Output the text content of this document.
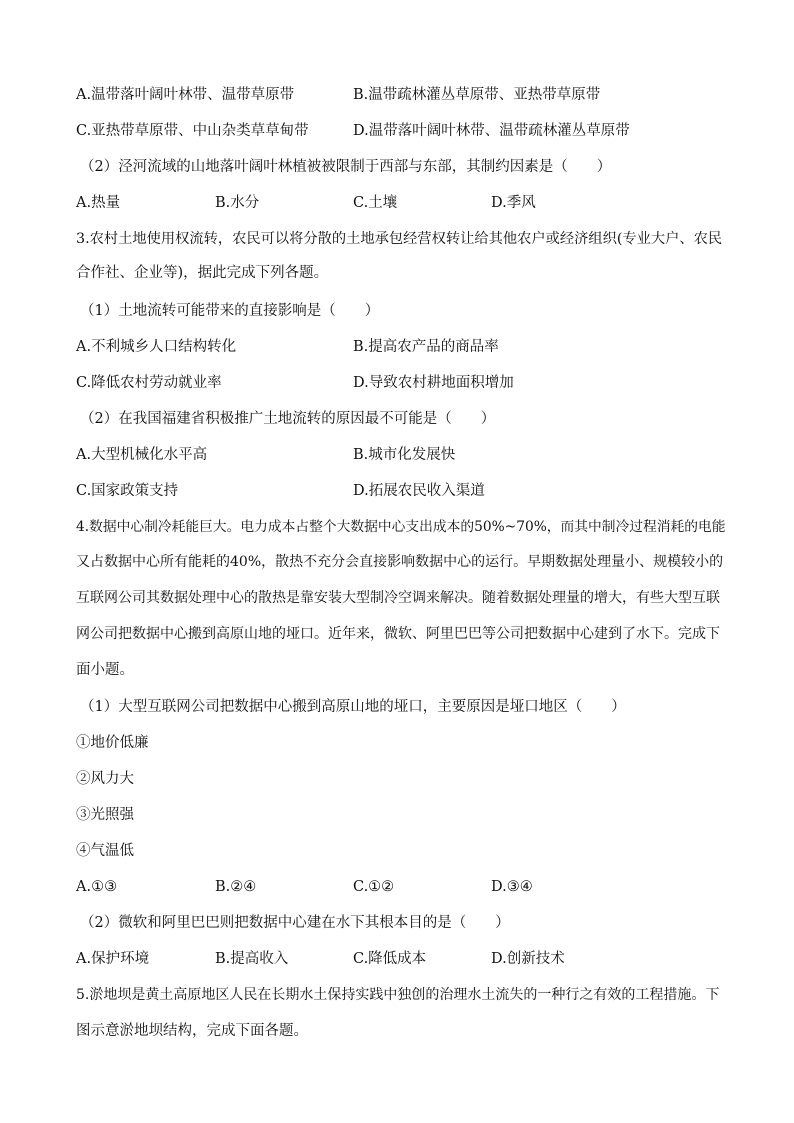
A.温带落叶阔叶林带、温带草原带	B.温带疏林灌丛草原带、亚热带草原带
C.亚热带草原带、中山杂类草草甸带	D.温带落叶阔叶林带、温带疏林灌丛草原带
（2）泾河流域的山地落叶阔叶林植被被限制于西部与东部，其制约因素是（　　）
A.热量	B.水分	C.土壤	D.季风
3.农村土地使用权流转，农民可以将分散的土地承包经营权转让给其他农户或经济组织(专业大户、农民
合作社、企业等)，据此完成下列各题。
（1）土地流转可能带来的直接影响是（　　）
A.不利城乡人口结构转化	B.提高农产品的商品率
C.降低农村劳动就业率	D.导致农村耕地面积增加
（2）在我国福建省积极推广土地流转的原因最不可能是（　　）
A.大型机械化水平高	B.城市化发展快
C.国家政策支持	D.拓展农民收入渠道
4.数据中心制冷耗能巨大。电力成本占整个大数据中心支出成本的50%~70%，而其中制冷过程消耗的电能
又占数据中心所有能耗的40%，散热不充分会直接影响数据中心的运行。早期数据处理量小、规模较小的
互联网公司其数据处理中心的散热是靠安装大型制冷空调来解决。随着数据处理量的增大，有些大型互联
网公司把数据中心搬到高原山地的垭口。近年来，微软、阿里巴巴等公司把数据中心建到了水下。完成下
面小题。
（1）大型互联网公司把数据中心搬到高原山地的垭口，主要原因是垭口地区（　　）
①地价低廉
②风力大
③光照强
④气温低
A.①③	B.②④	C.①②	D.③④
（2）微软和阿里巴巴则把数据中心建在水下其根本目的是（　　）
A.保护环境	B.提高收入	C.降低成本	D.创新技术
5.淤地坝是黄土高原地区人民在长期水土保持实践中独创的治理水土流失的一种行之有效的工程措施。下
图示意淤地坝结构，完成下面各题。
